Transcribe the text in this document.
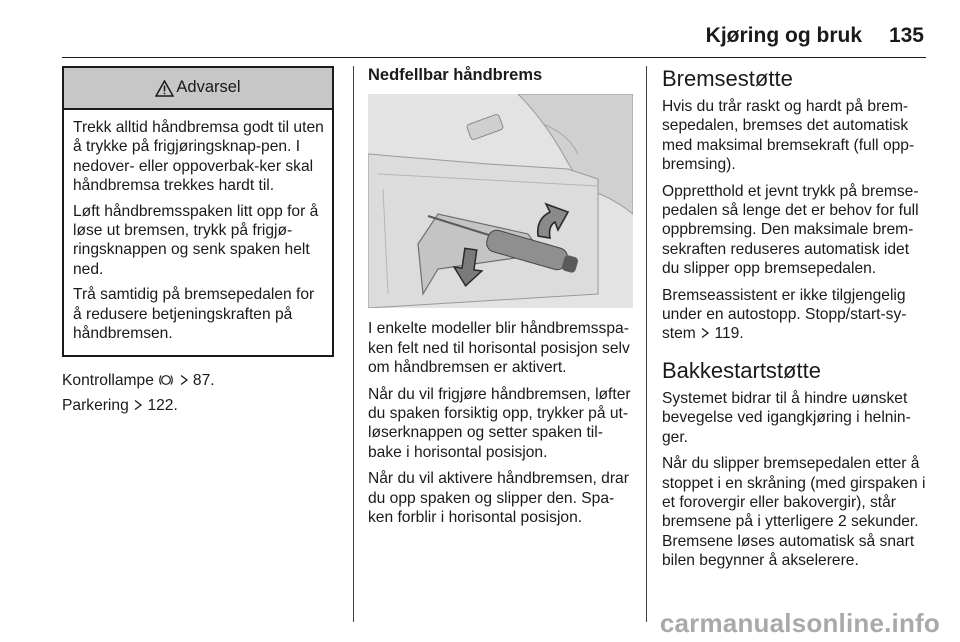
Kjøring og bruk 135
Advarsel

Trekk alltid håndbremsa godt til uten å trykke på frigjøringsknap-pen. I nedover- eller oppoverbak-ker skal håndbremsa trekkes hardt til.

Løft håndbremsspaken litt opp for å løse ut bremsen, trykk på frigjø-ringsknappen og senk spaken helt ned.

Trå samtidig på bremsepedalen for å redusere betjeningskraften på håndbremsen.

Kontrollampe	87.

Parkering 122.

Nedfellbar håndbrems

I enkelte modeller blir håndbremsspa-ken felt ned til horisontal posisjon selv om håndbremsen er aktivert.

Når du vil frigjøre håndbremsen, løfter du spaken forsiktig opp, trykker på ut-løserknappen og setter spaken til-bake i horisontal posisjon.

Når du vil aktivere håndbremsen, drar du opp spaken og slipper den. Spa-ken forblir i horisontal posisjon.

Bremsestøtte

Hvis du trår raskt og hardt på brem-sepedalen, bremses det automatisk med maksimal bremsekraft (full opp-bremsing).

Oppretthold et jevnt trykk på bremse-pedalen så lenge det er behov for full oppbremsing. Den maksimale brem-sekraften reduseres automatisk idet du slipper opp bremsepedalen.

Bremseassistent er ikke tilgjengelig under en autostopp. Stopp/start-sy-stem 119.

Bakkestartstøtte

Systemet bidrar til å hindre uønsket bevegelse ved igangkjøring i helnin-ger.

Når du slipper bremsepedalen etter å stoppet i en skråning (med girspaken i et forovergir eller bakovergir), står bremsene på i ytterligere 2 sekunder. Bremsene løses automatisk så snart bilen begynner å akselerere.

carmanualsonline.info
